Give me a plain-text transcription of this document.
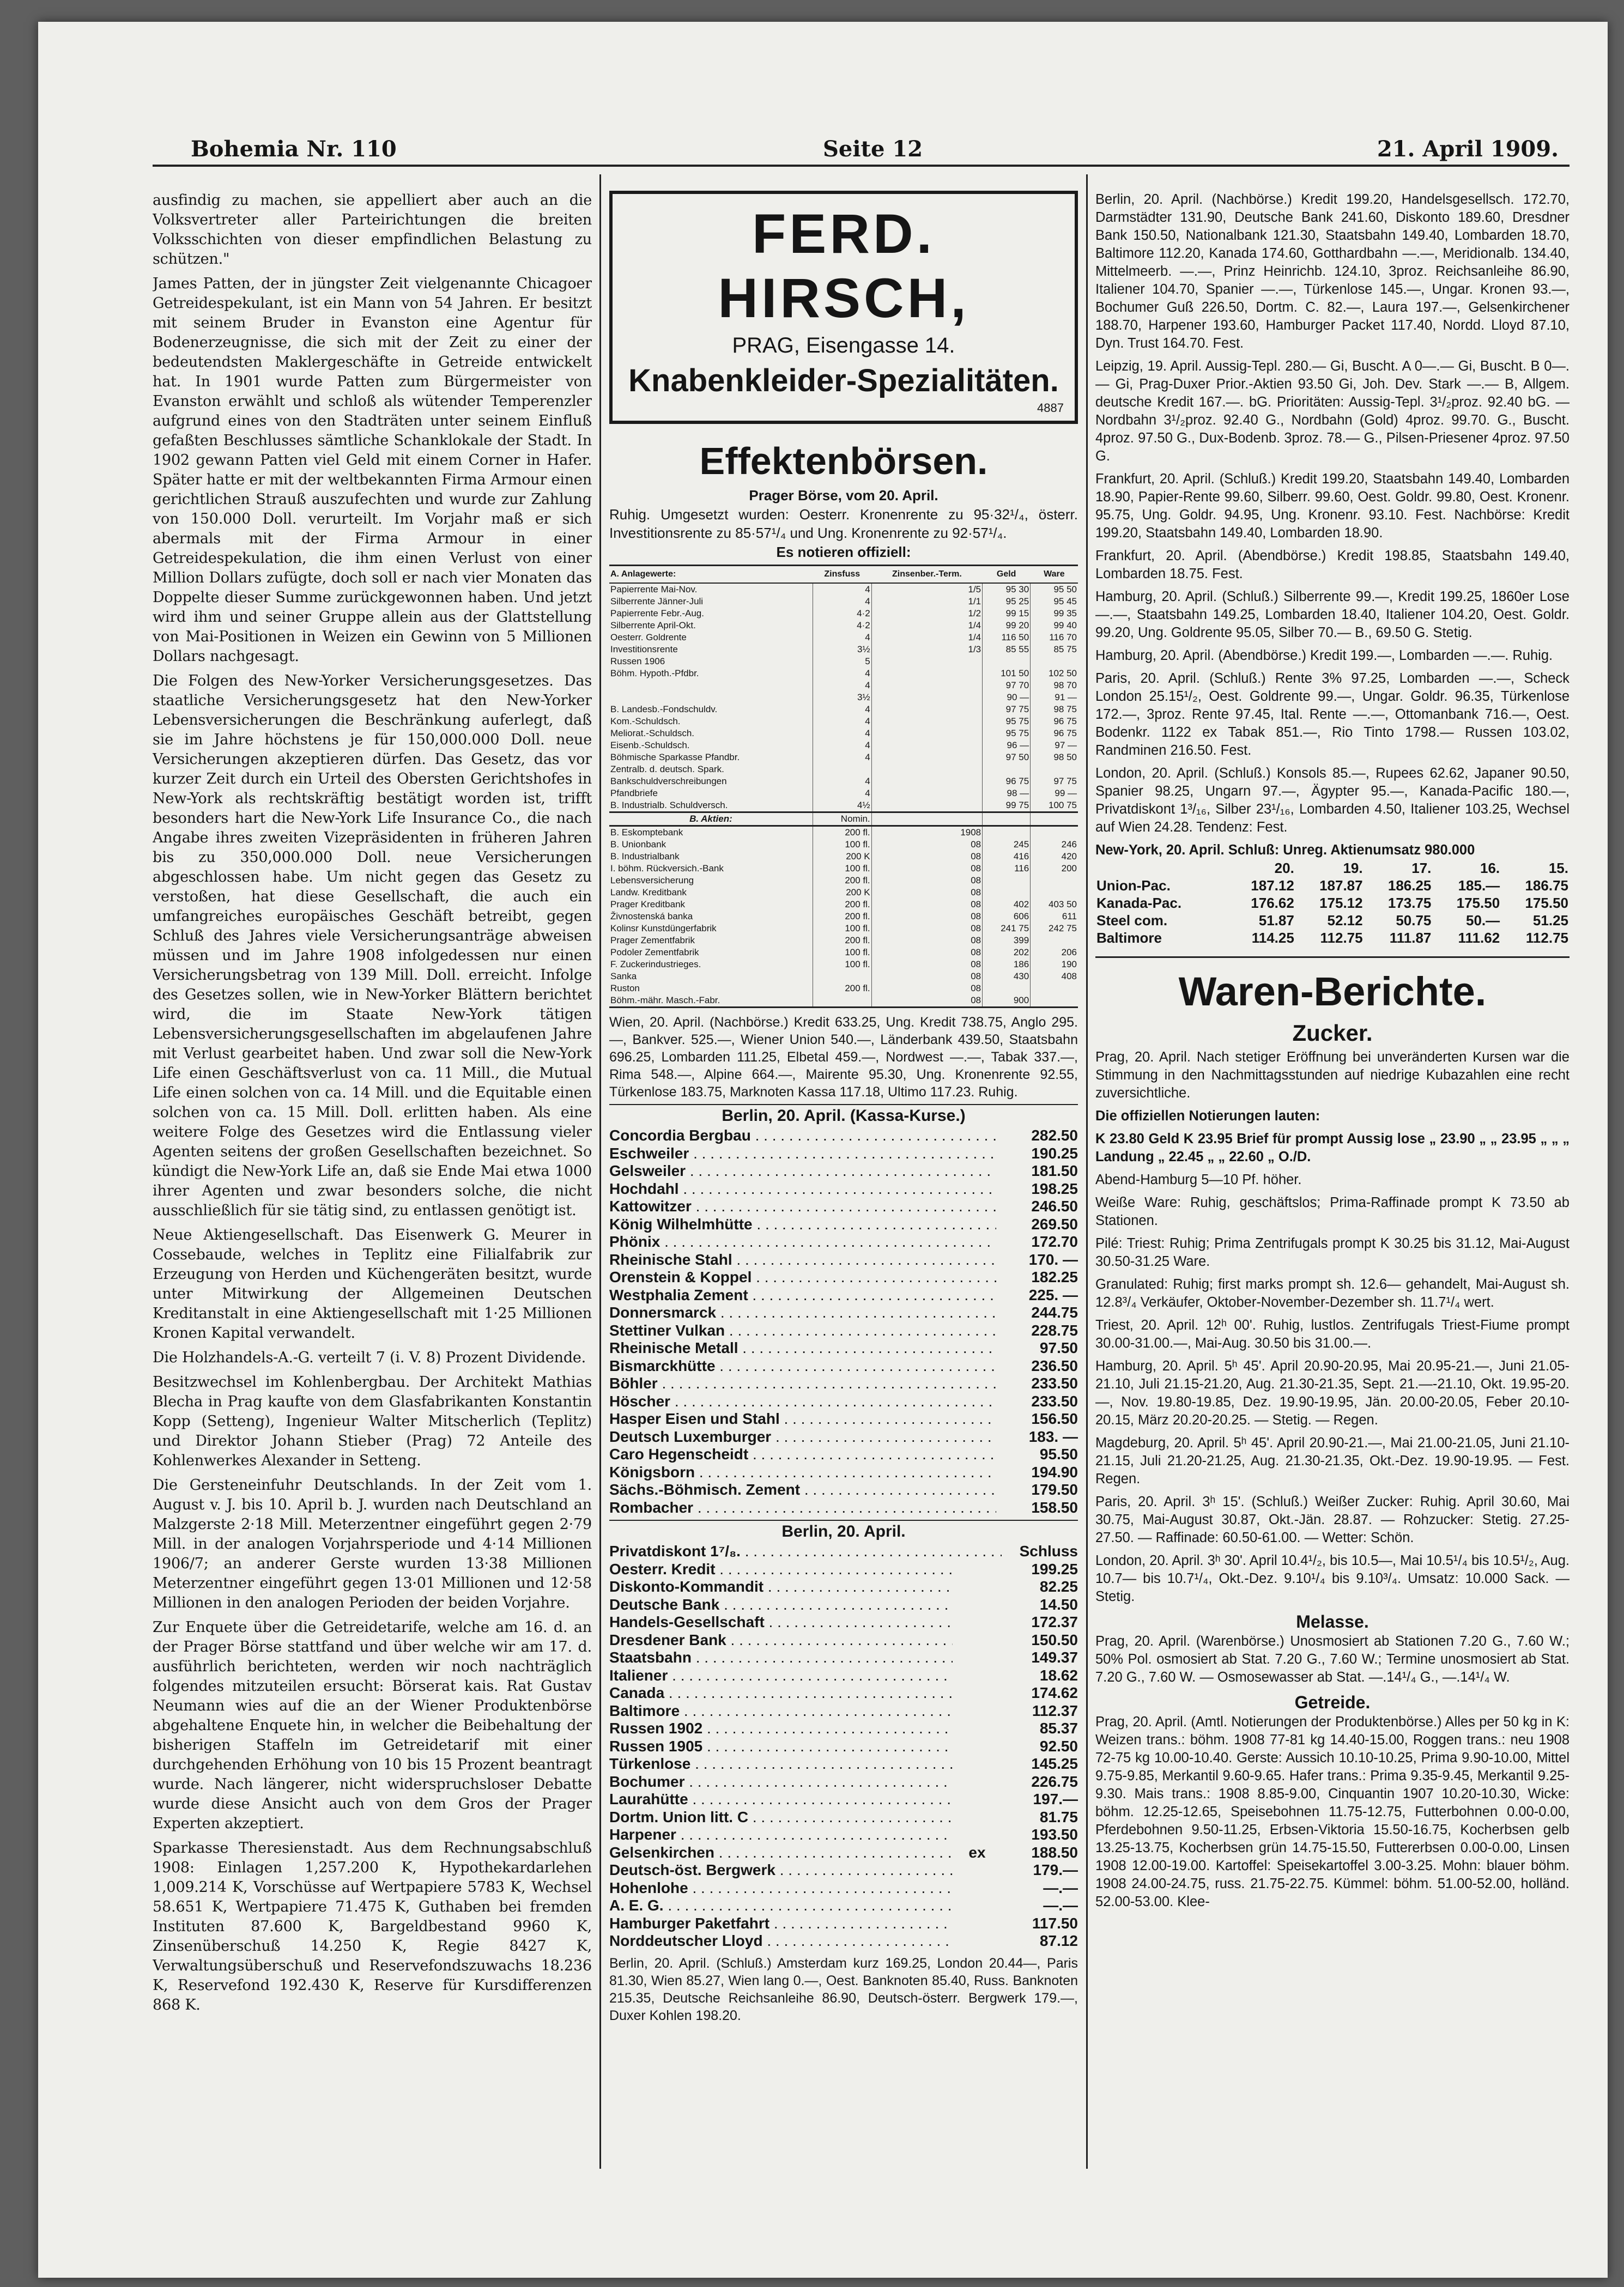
Bohemia Nr. 110	Seite 12	21. April 1909.

ausfindig zu machen, sie appelliert aber auch an die Volksvertreter aller Parteirichtungen die breiten Volksschichten von dieser empfindlichen Belastung zu schützen."

James Patten, der in jüngster Zeit vielgenannte Chicagoer Getreidespekulant, ist ein Mann von 54 Jahren. Er besitzt mit seinem Bruder in Evanston eine Agentur für Bodenerzeugnisse, die sich mit der Zeit zu einer der bedeutendsten Maklergeschäfte in Getreide entwickelt hat. In 1901 wurde Patten zum Bürgermeister von Evanston erwählt und schloß als wütender Temperenzler aufgrund eines von den Stadträten unter seinem Einfluß gefaßten Beschlusses sämtliche Schanklokale der Stadt. In 1902 gewann Patten viel Geld mit einem Corner in Hafer. Später hatte er mit der weltbekannten Firma Armour einen gerichtlichen Strauß auszufechten und wurde zur Zahlung von 150.000 Doll. verurteilt. Im Vorjahr maß er sich abermals mit der Firma Armour in einer Getreidespekulation, die ihm einen Verlust von einer Million Dollars zufügte, doch soll er nach vier Monaten das Doppelte dieser Summe zurückgewonnen haben. Und jetzt wird ihm und seiner Gruppe allein aus der Glattstellung von Mai-Positionen in Weizen ein Gewinn von 5 Millionen Dollars nachgesagt.

Die Folgen des New-Yorker Versicherungsgesetzes. Das staatliche Versicherungsgesetz hat den New-Yorker Lebensversicherungen die Beschränkung auferlegt, daß sie im Jahre höchstens je für 150,000.000 Doll. neue Versicherungen akzeptieren dürfen. Das Gesetz, das vor kurzer Zeit durch ein Urteil des Obersten Gerichtshofes in New-York als rechtskräftig bestätigt worden ist, trifft besonders hart die New-York Life Insurance Co., die nach Angabe ihres zweiten Vizepräsidenten in früheren Jahren bis zu 350,000.000 Doll. neue Versicherungen abgeschlossen habe. Um nicht gegen das Gesetz zu verstoßen, hat diese Gesellschaft, die auch ein umfangreiches europäisches Geschäft betreibt, gegen Schluß des Jahres viele Versicherungsanträge abweisen müssen und im Jahre 1908 infolgedessen nur einen Versicherungsbetrag von 139 Mill. Doll. erreicht. Infolge des Gesetzes sollen, wie in New-Yorker Blättern berichtet wird, die im Staate New-York tätigen Lebensversicherungsgesellschaften im abgelaufenen Jahre mit Verlust gearbeitet haben. Und zwar soll die New-York Life einen Geschäftsverlust von ca. 11 Mill., die Mutual Life einen solchen von ca. 14 Mill. und die Equitable einen solchen von ca. 15 Mill. Doll. erlitten haben. Als eine weitere Folge des Gesetzes wird die Entlassung vieler Agenten seitens der großen Gesellschaften bezeichnet. So kündigt die New-York Life an, daß sie Ende Mai etwa 1000 ihrer Agenten und zwar besonders solche, die nicht ausschließlich für sie tätig sind, zu entlassen genötigt ist.

Neue Aktiengesellschaft. Das Eisenwerk G. Meurer in Cossebaude, welches in Teplitz eine Filialfabrik zur Erzeugung von Herden und Küchengeräten besitzt, wurde unter Mitwirkung der Allgemeinen Deutschen Kreditanstalt in eine Aktiengesellschaft mit 1·25 Millionen Kronen Kapital verwandelt.

Die Holzhandels-A.-G. verteilt 7 (i. V. 8) Prozent Dividende.

Besitzwechsel im Kohlenbergbau. Der Architekt Mathias Blecha in Prag kaufte von dem Glasfabrikanten Konstantin Kopp (Setteng), Ingenieur Walter Mitscherlich (Teplitz) und Direktor Johann Stieber (Prag) 72 Anteile des Kohlenwerkes Alexander in Setteng.

Die Gersteneinfuhr Deutschlands. In der Zeit vom 1. August v. J. bis 10. April b. J. wurden nach Deutschland an Malzgerste 2·18 Mill. Meterzentner eingeführt gegen 2·79 Mill. in der analogen Vorjahrsperiode und 4·14 Millionen 1906/7; an anderer Gerste wurden 13·38 Millionen Meterzentner eingeführt gegen 13·01 Millionen und 12·58 Millionen in den analogen Perioden der beiden Vorjahre.

Zur Enquete über die Getreidetarife, welche am 16. d. an der Prager Börse stattfand und über welche wir am 17. d. ausführlich berichteten, werden wir noch nachträglich folgendes mitzuteilen ersucht: Börserat kais. Rat Gustav Neumann wies auf die an der Wiener Produktenbörse abgehaltene Enquete hin, in welcher die Beibehaltung der bisherigen Staffeln im Getreidetarif mit einer durchgehenden Erhöhung von 10 bis 15 Prozent beantragt wurde. Nach längerer, nicht widerspruchsloser Debatte wurde diese Ansicht auch von dem Gros der Prager Experten akzeptiert.

Sparkasse Theresienstadt. Aus dem Rechnungsabschluß 1908: Einlagen 1,257.200 K, Hypothekardarlehen 1,009.214 K, Vorschüsse auf Wertpapiere 5783 K, Wechsel 58.651 K, Wertpapiere 71.475 K, Guthaben bei fremden Instituten 87.600 K, Bargeldbestand 9960 K, Zinsenüberschuß 14.250 K, Regie 8427 K, Verwaltungsüberschuß und Reservefondszuwachs 18.236 K, Reservefond 192.430 K, Reserve für Kursdifferenzen 868 K.

FERD. HIRSCH,
PRAG, Eisengasse 14.
Knabenkleider-Spezialitäten.
4887
Effektenbörsen.
Prager Börse, vom 20. April.
Ruhig. Umgesetzt wurden: Oesterr. Kronenrente zu 95·32¹/₄, österr. Investitionsrente zu 85·57¹/₄ und Ung. Kronenrente zu 92·57¹/₄.
Es notieren offiziell:
A. Anlagewerte:	Zinsfuss	Zinsenber.-Term.	Geld	Ware
Papierrente Mai-Nov.	4	1/5	95 30	95 50
Silberrente Jänner-Juli	4	1/1	95 25	95 45
Papierrente Febr.-Aug.	4·2	1/2	99 15	99 35
Silberrente April-Okt.	4·2	1/4	99 20	99 40
Oesterr. Goldrente	4	1/4	116 50	116 70
Investitionsrente	3½	1/3	85 55	85 75
Russen 1906	5			
Böhm. Hypoth.-Pfdbr.	4		101 50	102 50
	4		97 70	98 70
	3½		90 —	91 —
B. Landesb.-Fondschuldv.	4		97 75	98 75
Kom.-Schuldsch.	4		95 75	96 75
Meliorat.-Schuldsch.	4		95 75	96 75
Eisenb.-Schuldsch.	4		96 —	97 —
Böhmische Sparkasse Pfandbr.	4		97 50	98 50
Zentralb. d. deutsch. Spark.				
Bankschuldverschreibungen	4		96 75	97 75
Pfandbriefe	4		98 —	99 —
B. Industrialb. Schuldversch.	4½		99 75	100 75
B. Aktien:	Nomin.			
B. Eskomptebank	200 fl.	1908		
B. Unionbank	100 fl.	08	245	246
B. Industrialbank	200 K	08	416	420
I. böhm. Rückversich.-Bank	100 fl.	08	116	200
Lebensversicherung	200 fl.	08		
Landw. Kreditbank	200 K	08		
Prager Kreditbank	200 fl.	08	402	403 50
Živnostenská banka	200 fl.	08	606	611
Kolinsr Kunstdüngerfabrik	100 fl.	08	241 75	242 75
Prager Zementfabrik	200 fl.	08	399	
Podoler Zementfabrik	100 fl.	08	202	206
F. Zuckerindustrieges.	100 fl.	08	186	190
Sanka		08	430	408
Ruston	200 fl.	08		
Böhm.-mähr. Masch.-Fabr.		08	900	
Wien, 20. April. (Nachbörse.) Kredit 633.25, Ung. Kredit 738.75, Anglo 295.—, Bankver. 525.—, Wiener Union 540.—, Länderbank 439.50, Staatsbahn 696.25, Lombarden 111.25, Elbetal 459.—, Nordwest —.—, Tabak 337.—, Rima 548.—, Alpine 664.—, Mairente 95.30, Ung. Kronenrente 92.55, Türkenlose 183.75, Marknoten Kassa 117.18, Ultimo 117.23. Ruhig.
Berlin, 20. April. (Kassa-Kurse.)
Concordia Bergbau . . .	282.50
Eschweiler . . .	190.25
Gelsweiler . . .	181.50
Hochdahl . . .	198.25
Kattowitzer . . .	246.50
König Wilhelmhütte . . .	269.50
Phönix . . .	172.70
Rheinische Stahl . . .	170. —
Orenstein & Koppel . . .	182.25
Westphalia Zement . . .	225. —
Donnersmarck . . .	244.75
Stettiner Vulkan . . .	228.75
Rheinische Metall . . .	97.50
Bismarckhütte . . .	236.50
Böhler . . .	233.50
Höscher . . .	233.50
Hasper Eisen und Stahl . . .	156.50
Deutsch Luxemburger . . .	183. —
Caro Hegenscheidt . . .	95.50
Königsborn . . .	194.90
Sächs.-Böhmisch. Zement . . .	179.50
Rombacher . . .	158.50
Berlin, 20. April.
Privatdiskont 1⁷/₈. . . .	Schluss
Oesterr. Kredit . . .	199.25
Diskonto-Kommandit . . .	82.25
Deutsche Bank . . .	14.50
Handels-Gesellschaft . . .	172.37
Dresdener Bank . . .	150.50
Staatsbahn . . .	149.37
Italiener . . .	18.62
Canada . . .	174.62
Baltimore . . .	112.37
Russen 1902 . . .	85.37
Russen 1905 . . .	92.50
Türkenlose . . .	145.25
Bochumer . . .	226.75
Laurahütte . . .	197.—
Dortm. Union litt. C . . .	81.75
Harpener . . .	193.50
Gelsenkirchen . . .	ex	188.50
Deutsch-öst. Bergwerk . . .	179.—
Hohenlohe . . .	—.—
A. E. G. . . .	—.—
Hamburger Paketfahrt . . .	117.50
Norddeutscher Lloyd . . .	87.12
Berlin, 20. April. (Schluß.) Amsterdam kurz 169.25, London 20.44—, Paris 81.30, Wien 85.27, Wien lang 0.—, Oest. Banknoten 85.40, Russ. Banknoten 215.35, Deutsche Reichsanleihe 86.90, Deutsch-österr. Bergwerk 179.—, Duxer Kohlen 198.20.

Berlin, 20. April. (Nachbörse.) Kredit 199.20, Handelsgesellsch. 172.70, Darmstädter 131.90, Deutsche Bank 241.60, Diskonto 189.60, Dresdner Bank 150.50, Nationalbank 121.30, Staatsbahn 149.40, Lombarden 18.70, Baltimore 112.20, Kanada 174.60, Gotthardbahn —.—, Meridionalb. 134.40, Mittelmeerb. —.—, Prinz Heinrichb. 124.10, 3proz. Reichsanleihe 86.90, Italiener 104.70, Spanier —.—, Türkenlose 145.—, Ungar. Kronen 93.—, Bochumer Guß 226.50, Dortm. C. 82.—, Laura 197.—, Gelsenkirchener 188.70, Harpener 193.60, Hamburger Packet 117.40, Nordd. Lloyd 87.10, Dyn. Trust 164.70. Fest.

Leipzig, 19. April. Aussig-Tepl. 280.— Gi, Buscht. A 0—.— Gi, Buscht. B 0—.— Gi, Prag-Duxer Prior.-Aktien 93.50 Gi, Joh. Dev. Stark —.— B, Allgem. deutsche Kredit 167.—. bG. Prioritäten: Aussig-Tepl. 3¹/₂proz. 92.40 bG. — Nordbahn 3¹/₂proz. 92.40 G., Nordbahn (Gold) 4proz. 99.70. G., Buscht. 4proz. 97.50 G., Dux-Bodenb. 3proz. 78.— G., Pilsen-Priesener 4proz. 97.50 G.

Frankfurt, 20. April. (Schluß.) Kredit 199.20, Staatsbahn 149.40, Lombarden 18.90, Papier-Rente 99.60, Silberr. 99.60, Oest. Goldr. 99.80, Oest. Kronenr. 95.75, Ung. Goldr. 94.95, Ung. Kronenr. 93.10. Fest. Nachbörse: Kredit 199.20, Staatsbahn 149.40, Lombarden 18.90.

Frankfurt, 20. April. (Abendbörse.) Kredit 198.85, Staatsbahn 149.40, Lombarden 18.75. Fest.

Hamburg, 20. April. (Schluß.) Silberrente 99.—, Kredit 199.25, 1860er Lose —.—, Staatsbahn 149.25, Lombarden 18.40, Italiener 104.20, Oest. Goldr. 99.20, Ung. Goldrente 95.05, Silber 70.— B., 69.50 G. Stetig.

Hamburg, 20. April. (Abendbörse.) Kredit 199.—, Lombarden —.—. Ruhig.

Paris, 20. April. (Schluß.) Rente 3% 97.25, Lombarden —.—, Scheck London 25.15¹/₂, Oest. Goldrente 99.—, Ungar. Goldr. 96.35, Türkenlose 172.—, 3proz. Rente 97.45, Ital. Rente —.—, Ottomanbank 716.—, Oest. Bodenkr. 1122 ex Tabak 851.—, Rio Tinto 1798.— Russen 103.02, Randminen 216.50. Fest.

London, 20. April. (Schluß.) Konsols 85.—, Rupees 62.62, Japaner 90.50, Spanier 98.25, Ungarn 97.—, Ägypter 95.—, Kanada-Pacific 180.—, Privatdiskont 1³/₁₆, Silber 23¹/₁₆, Lombarden 4.50, Italiener 103.25, Wechsel auf Wien 24.28. Tendenz: Fest.

New-York, 20. April. Schluß: Unreg. Aktienumsatz 980.000
	20.	19.	17.	16.	15.
Union-Pac.	187.12	187.87	186.25	185.—	186.75
Kanada-Pac.	176.62	175.12	173.75	175.50	175.50
Steel com.	51.87	52.12	50.75	50.—	51.25
Baltimore	114.25	112.75	111.87	111.62	112.75
Waren-Berichte.
Zucker.

Prag, 20. April. Nach stetiger Eröffnung bei unveränderten Kursen war die Stimmung in den Nachmittagsstunden auf niedrige Kubazahlen eine recht zuversichtliche.

Die offiziellen Notierungen lauten:

K 23.80 Geld K 23.95 Brief für prompt Aussig lose „ 23.90 „ „ 23.95 „ „ „ Landung „ 22.45 „ „ 22.60 „ O./D.

Abend-Hamburg 5—10 Pf. höher.

Weiße Ware: Ruhig, geschäftslos; Prima-Raffinade prompt K 73.50 ab Stationen.

Pilé: Triest: Ruhig; Prima Zentrifugals prompt K 30.25 bis 31.12, Mai-August 30.50-31.25 Ware.

Granulated: Ruhig; first marks prompt sh. 12.6— gehandelt, Mai-August sh. 12.8³/₄ Verkäufer, Oktober-November-Dezember sh. 11.7¹/₄ wert.

Triest, 20. April. 12ʰ 00'. Ruhig, lustlos. Zentrifugals Triest-Fiume prompt 30.00-31.00.—, Mai-Aug. 30.50 bis 31.00.—.

Hamburg, 20. April. 5ʰ 45'. April 20.90-20.95, Mai 20.95-21.—, Juni 21.05-21.10, Juli 21.15-21.20, Aug. 21.30-21.35, Sept. 21.—-21.10, Okt. 19.95-20.—, Nov. 19.80-19.85, Dez. 19.90-19.95, Jän. 20.00-20.05, Feber 20.10-20.15, März 20.20-20.25. — Stetig. — Regen.

Magdeburg, 20. April. 5ʰ 45'. April 20.90-21.—, Mai 21.00-21.05, Juni 21.10-21.15, Juli 21.20-21.25, Aug. 21.30-21.35, Okt.-Dez. 19.90-19.95. — Fest. Regen.

Paris, 20. April. 3ʰ 15'. (Schluß.) Weißer Zucker: Ruhig. April 30.60, Mai 30.75, Mai-August 30.87, Okt.-Jän. 28.87. — Rohzucker: Stetig. 27.25-27.50. — Raffinade: 60.50-61.00. — Wetter: Schön.

London, 20. April. 3ʰ 30'. April 10.4¹/₂, bis 10.5—, Mai 10.5¹/₄ bis 10.5¹/₂, Aug. 10.7— bis 10.7¹/₄, Okt.-Dez. 9.10¹/₄ bis 9.10³/₄. Umsatz: 10.000 Sack. — Stetig.

Melasse.

Prag, 20. April. (Warenbörse.) Unosmosiert ab Stationen 7.20 G., 7.60 W.; 50% Pol. osmosiert ab Stat. 7.20 G., 7.60 W.; Termine unosmosiert ab Stat. 7.20 G., 7.60 W. — Osmosewasser ab Stat. —.14¹/₄ G., —.14¹/₄ W.

Getreide.

Prag, 20. April. (Amtl. Notierungen der Produktenbörse.) Alles per 50 kg in K: Weizen trans.: böhm. 1908 77-81 kg 14.40-15.00, Roggen trans.: neu 1908 72-75 kg 10.00-10.40. Gerste: Aussich 10.10-10.25, Prima 9.90-10.00, Mittel 9.75-9.85, Merkantil 9.60-9.65. Hafer trans.: Prima 9.35-9.45, Merkantil 9.25-9.30. Mais trans.: 1908 8.85-9.00, Cinquantin 1907 10.20-10.30, Wicke: böhm. 12.25-12.65, Speisebohnen 11.75-12.75, Futterbohnen 0.00-0.00, Pferdebohnen 9.50-11.25, Erbsen-Viktoria 15.50-16.75, Kocherbsen gelb 13.25-13.75, Kocherbsen grün 14.75-15.50, Futtererbsen 0.00-0.00, Linsen 1908 12.00-19.00. Kartoffel: Speisekartoffel 3.00-3.25. Mohn: blauer böhm. 1908 24.00-24.75, russ. 21.75-22.75. Kümmel: böhm. 51.00-52.00, holländ. 52.00-53.00. Klee-
